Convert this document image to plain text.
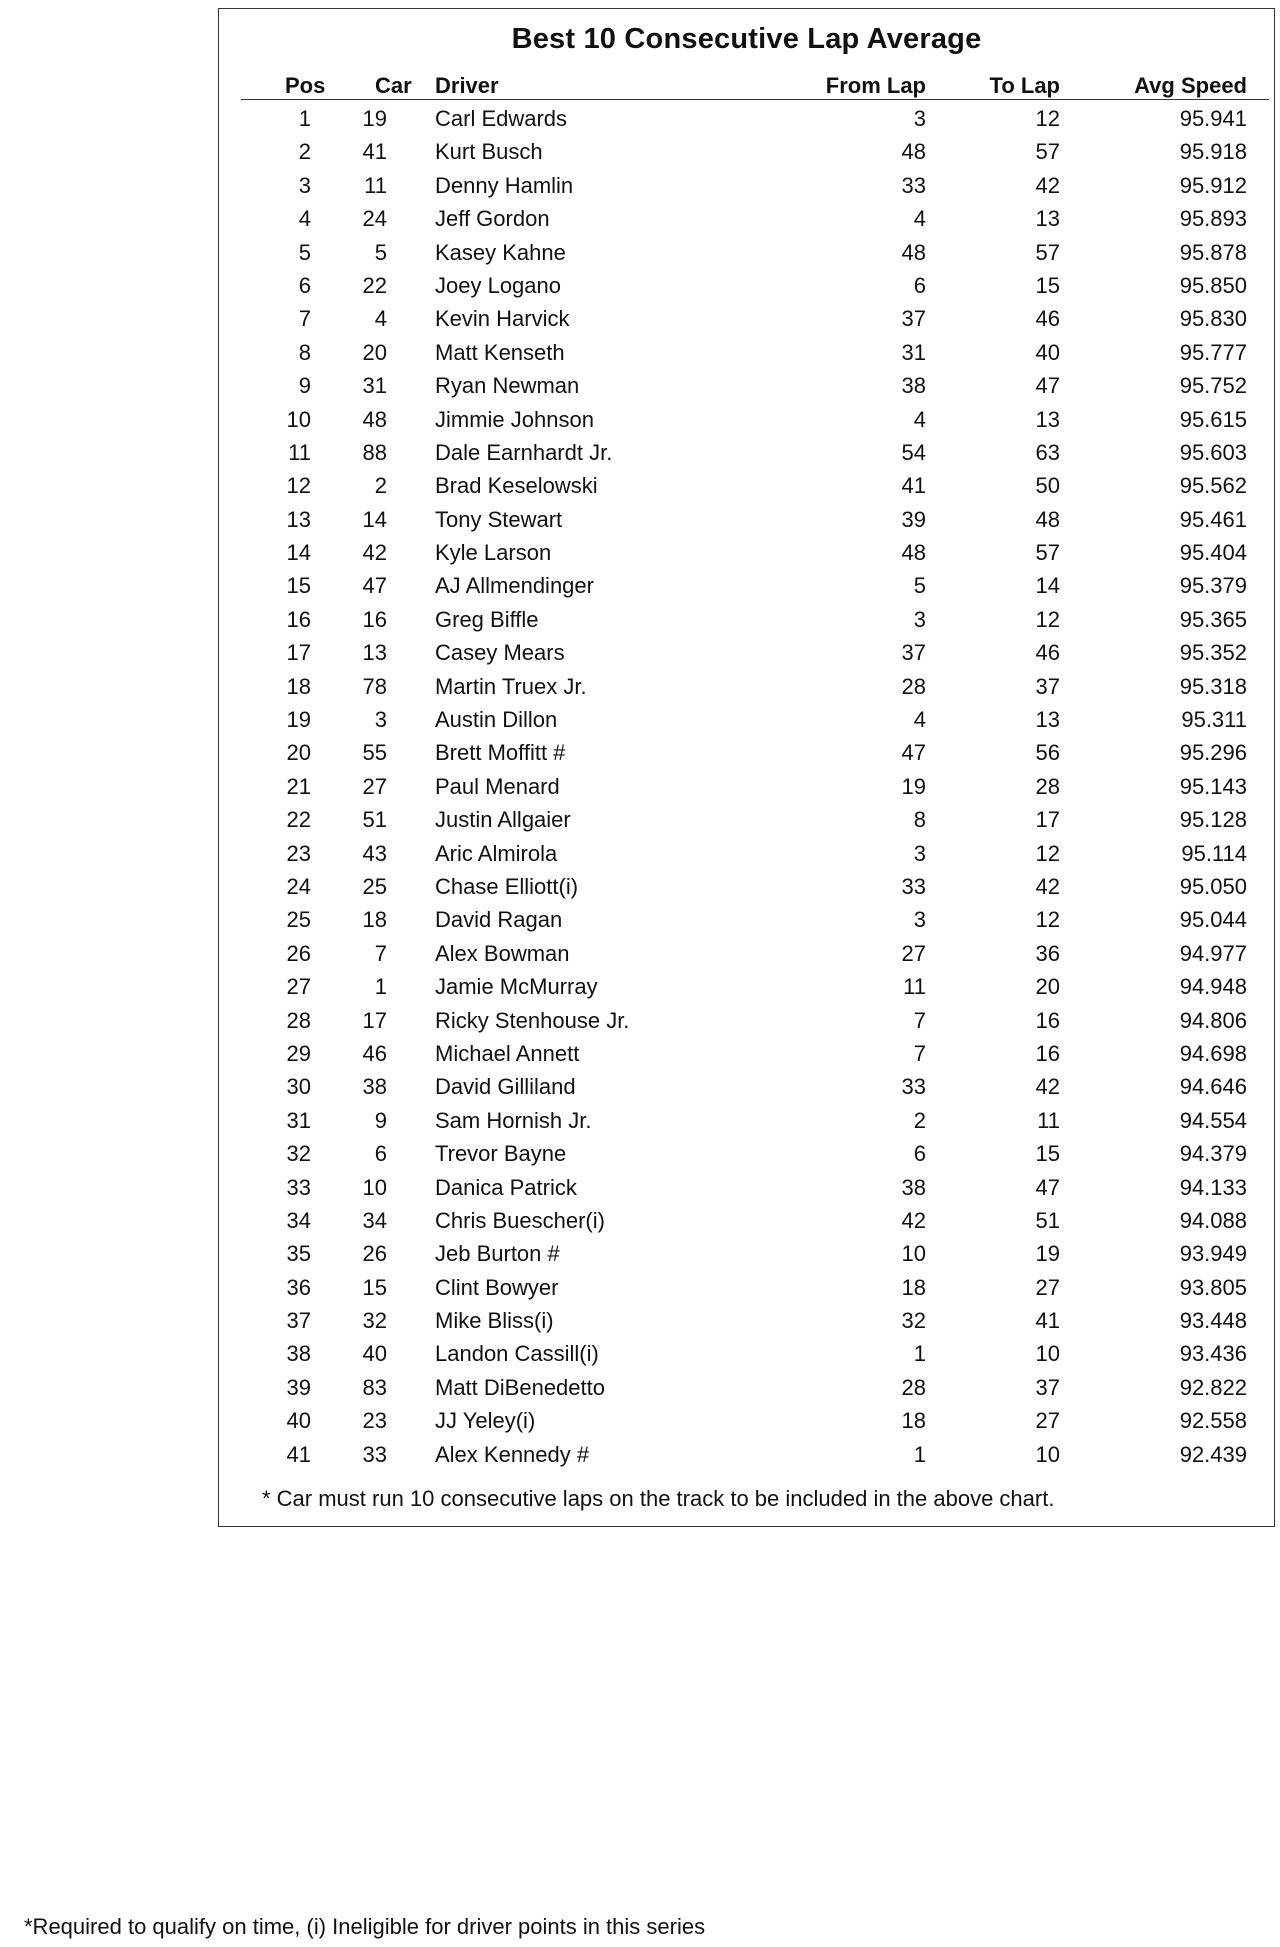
Best 10 Consecutive Lap Average
Pos Car Driver	From Lap	To Lap	Avg Speed
1 19 Carl Edwards	3	12	95.941
2 41 Kurt Busch	48	57	95.918
3 11 Denny Hamlin	33	42	95.912
4 24 Jeff Gordon	4	13	95.893
5	5 Kasey Kahne	48	57	95.878
6 22 Joey Logano	6	15	95.850
7	4 Kevin Harvick	37	46	95.830
8 20 Matt Kenseth	31	40	95.777
9 31 Ryan Newman	38	47	95.752
10 48 Jimmie Johnson	4	13	95.615
11 88 Dale Earnhardt Jr.	54	63	95.603
12	2 Brad Keselowski	41	50	95.562
13 14 Tony Stewart	39	48	95.461
14 42 Kyle Larson	48	57	95.404
15 47 AJ Allmendinger	5	14	95.379
16 16 Greg Biffle	3	12	95.365
17 13 Casey Mears	37	46	95.352
18 78 Martin Truex Jr.	28	37	95.318
19	3 Austin Dillon	4	13	95.311
20 55 Brett Moffitt #	47	56	95.296
21 27 Paul Menard	19	28	95.143
22 51 Justin Allgaier	8	17	95.128
23 43 Aric Almirola	3	12	95.114
24 25 Chase Elliott(i)	33	42	95.050
25 18 David Ragan	3	12	95.044
26	7 Alex Bowman	27	36	94.977
27	1 Jamie McMurray	11	20	94.948
28 17 Ricky Stenhouse Jr.	7	16	94.806
29 46 Michael Annett	7	16	94.698
30 38 David Gilliland	33	42	94.646
31	9 Sam Hornish Jr.	2	11	94.554
32	6 Trevor Bayne	6	15	94.379
33 10 Danica Patrick	38	47	94.133
34 34 Chris Buescher(i)	42	51	94.088
35 26 Jeb Burton #	10	19	93.949
36 15 Clint Bowyer	18	27	93.805
37 32 Mike Bliss(i)	32	41	93.448
38 40 Landon Cassill(i)	1	10	93.436
39 83 Matt DiBenedetto	28	37	92.822
40 23 JJ Yeley(i)	18	27	92.558
41 33 Alex Kennedy #	1	10	92.439
* Car must run 10 consecutive laps on the track to be included in the above chart.
*Required to qualify on time, (i) Ineligible for driver points in this series
